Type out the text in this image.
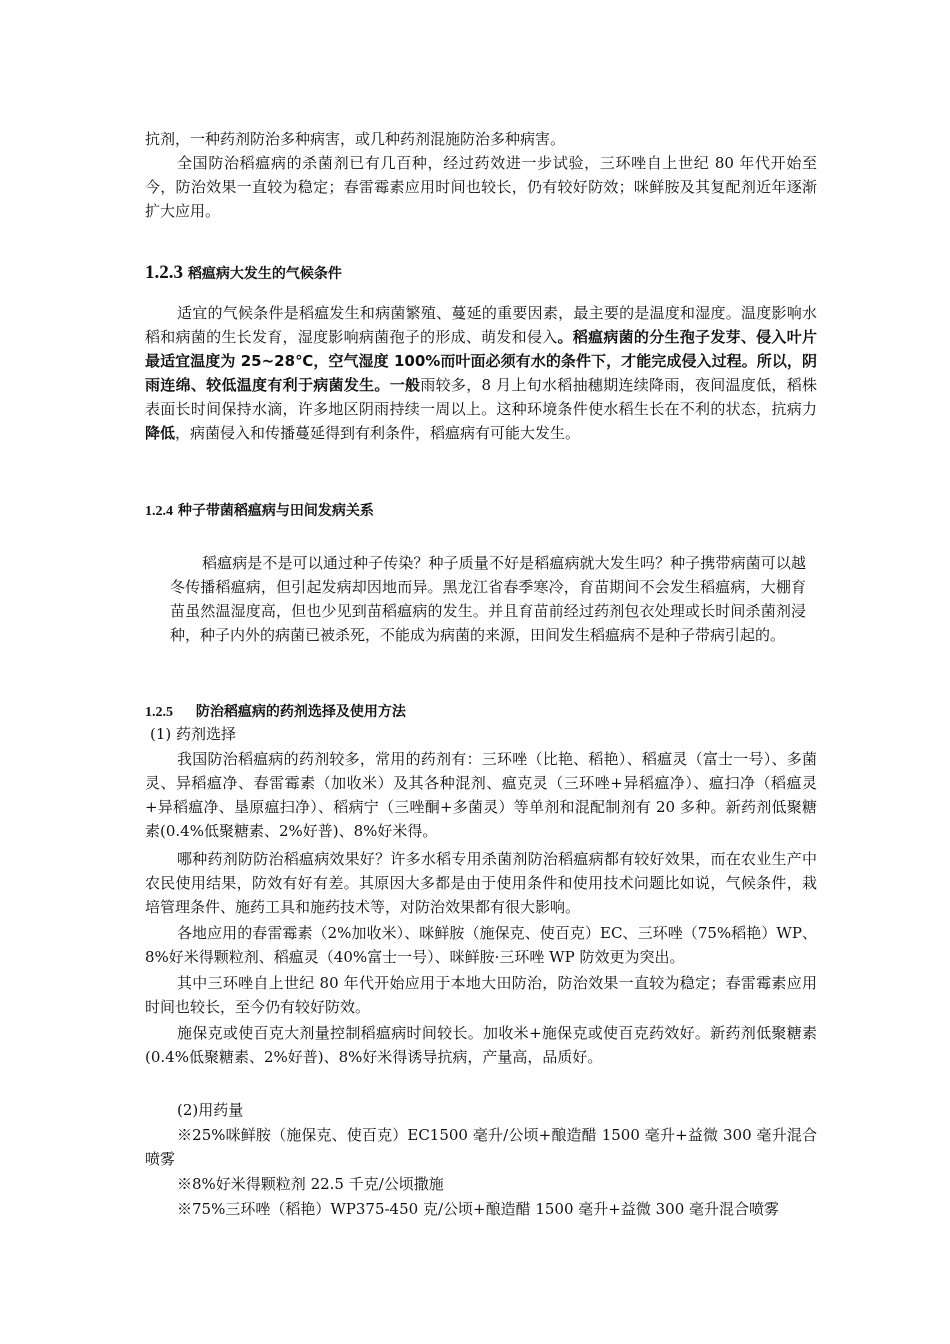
抗剂，一种药剂防治多种病害，或几种药剂混施防治多种病害。

全国防治稻瘟病的杀菌剂已有几百种，经过药效进一步试验，三环唑自上世纪 80 年代开始至今，防治效果一直较为稳定；春雷霉素应用时间也较长，仍有较好防效；咪鲜胺及其复配剂近年逐渐扩大应用。

1.2.3 稻瘟病大发生的气候条件

适宜的气候条件是稻瘟发生和病菌繁殖、蔓延的重要因素，最主要的是温度和湿度。温度影响水稻和病菌的生长发育，湿度影响病菌孢子的形成、萌发和侵入。稻瘟病菌的分生孢子发芽、侵入叶片最适宜温度为 25~28℃，空气湿度 100%而叶面必须有水的条件下，才能完成侵入过程。所以，阴雨连绵、较低温度有利于病菌发生。一般雨较多，8 月上旬水稻抽穗期连续降雨，夜间温度低，稻株表面长时间保持水滴，许多地区阴雨持续一周以上。这种环境条件使水稻生长在不利的状态，抗病力降低，病菌侵入和传播蔓延得到有利条件，稻瘟病有可能大发生。

1.2.4 种子带菌稻瘟病与田间发病关系

稻瘟病是不是可以通过种子传染？种子质量不好是稻瘟病就大发生吗？种子携带病菌可以越冬传播稻瘟病，但引起发病却因地而异。黑龙江省春季寒冷，育苗期间不会发生稻瘟病，大棚育苗虽然温湿度高，但也少见到苗稻瘟病的发生。并且育苗前经过药剂包衣处理或长时间杀菌剂浸种，种子内外的病菌已被杀死，不能成为病菌的来源，田间发生稻瘟病不是种子带病引起的。

1.2.5 防治稻瘟病的药剂选择及使用方法

(1) 药剂选择

我国防治稻瘟病的药剂较多，常用的药剂有：三环唑（比艳、稻艳）、稻瘟灵（富士一号）、多菌灵、异稻瘟净、春雷霉素（加收米）及其各种混剂、瘟克灵（三环唑+异稻瘟净）、瘟扫净（稻瘟灵+异稻瘟净、垦原瘟扫净）、稻病宁（三唑酮+多菌灵）等单剂和混配制剂有 20 多种。新药剂低聚糖素(0.4%低聚糖素、2%好普)、8%好米得。

哪种药剂防防治稻瘟病效果好？许多水稻专用杀菌剂防治稻瘟病都有较好效果，而在农业生产中农民使用结果，防效有好有差。其原因大多都是由于使用条件和使用技术问题比如说，气候条件，栽培管理条件、施药工具和施药技术等，对防治效果都有很大影响。

各地应用的春雷霉素（2%加收米）、咪鲜胺（施保克、使百克）EC、三环唑（75%稻艳）WP、8%好米得颗粒剂、稻瘟灵（40%富士一号）、咪鲜胺·三环唑 WP 防效更为突出。

其中三环唑自上世纪 80 年代开始应用于本地大田防治，防治效果一直较为稳定；春雷霉素应用时间也较长，至今仍有较好防效。

施保克或使百克大剂量控制稻瘟病时间较长。加收米+施保克或使百克药效好。新药剂低聚糖素(0.4%低聚糖素、2%好普)、8%好米得诱导抗病，产量高，品质好。

(2)用药量

※25%咪鲜胺（施保克、使百克）EC1500 毫升/公顷+酿造醋 1500 毫升+益微 300 毫升混合喷雾

※8%好米得颗粒剂 22.5 千克/公顷撒施

※75%三环唑（稻艳）WP375-450 克/公顷+酿造醋 1500 毫升+益微 300 毫升混合喷雾
